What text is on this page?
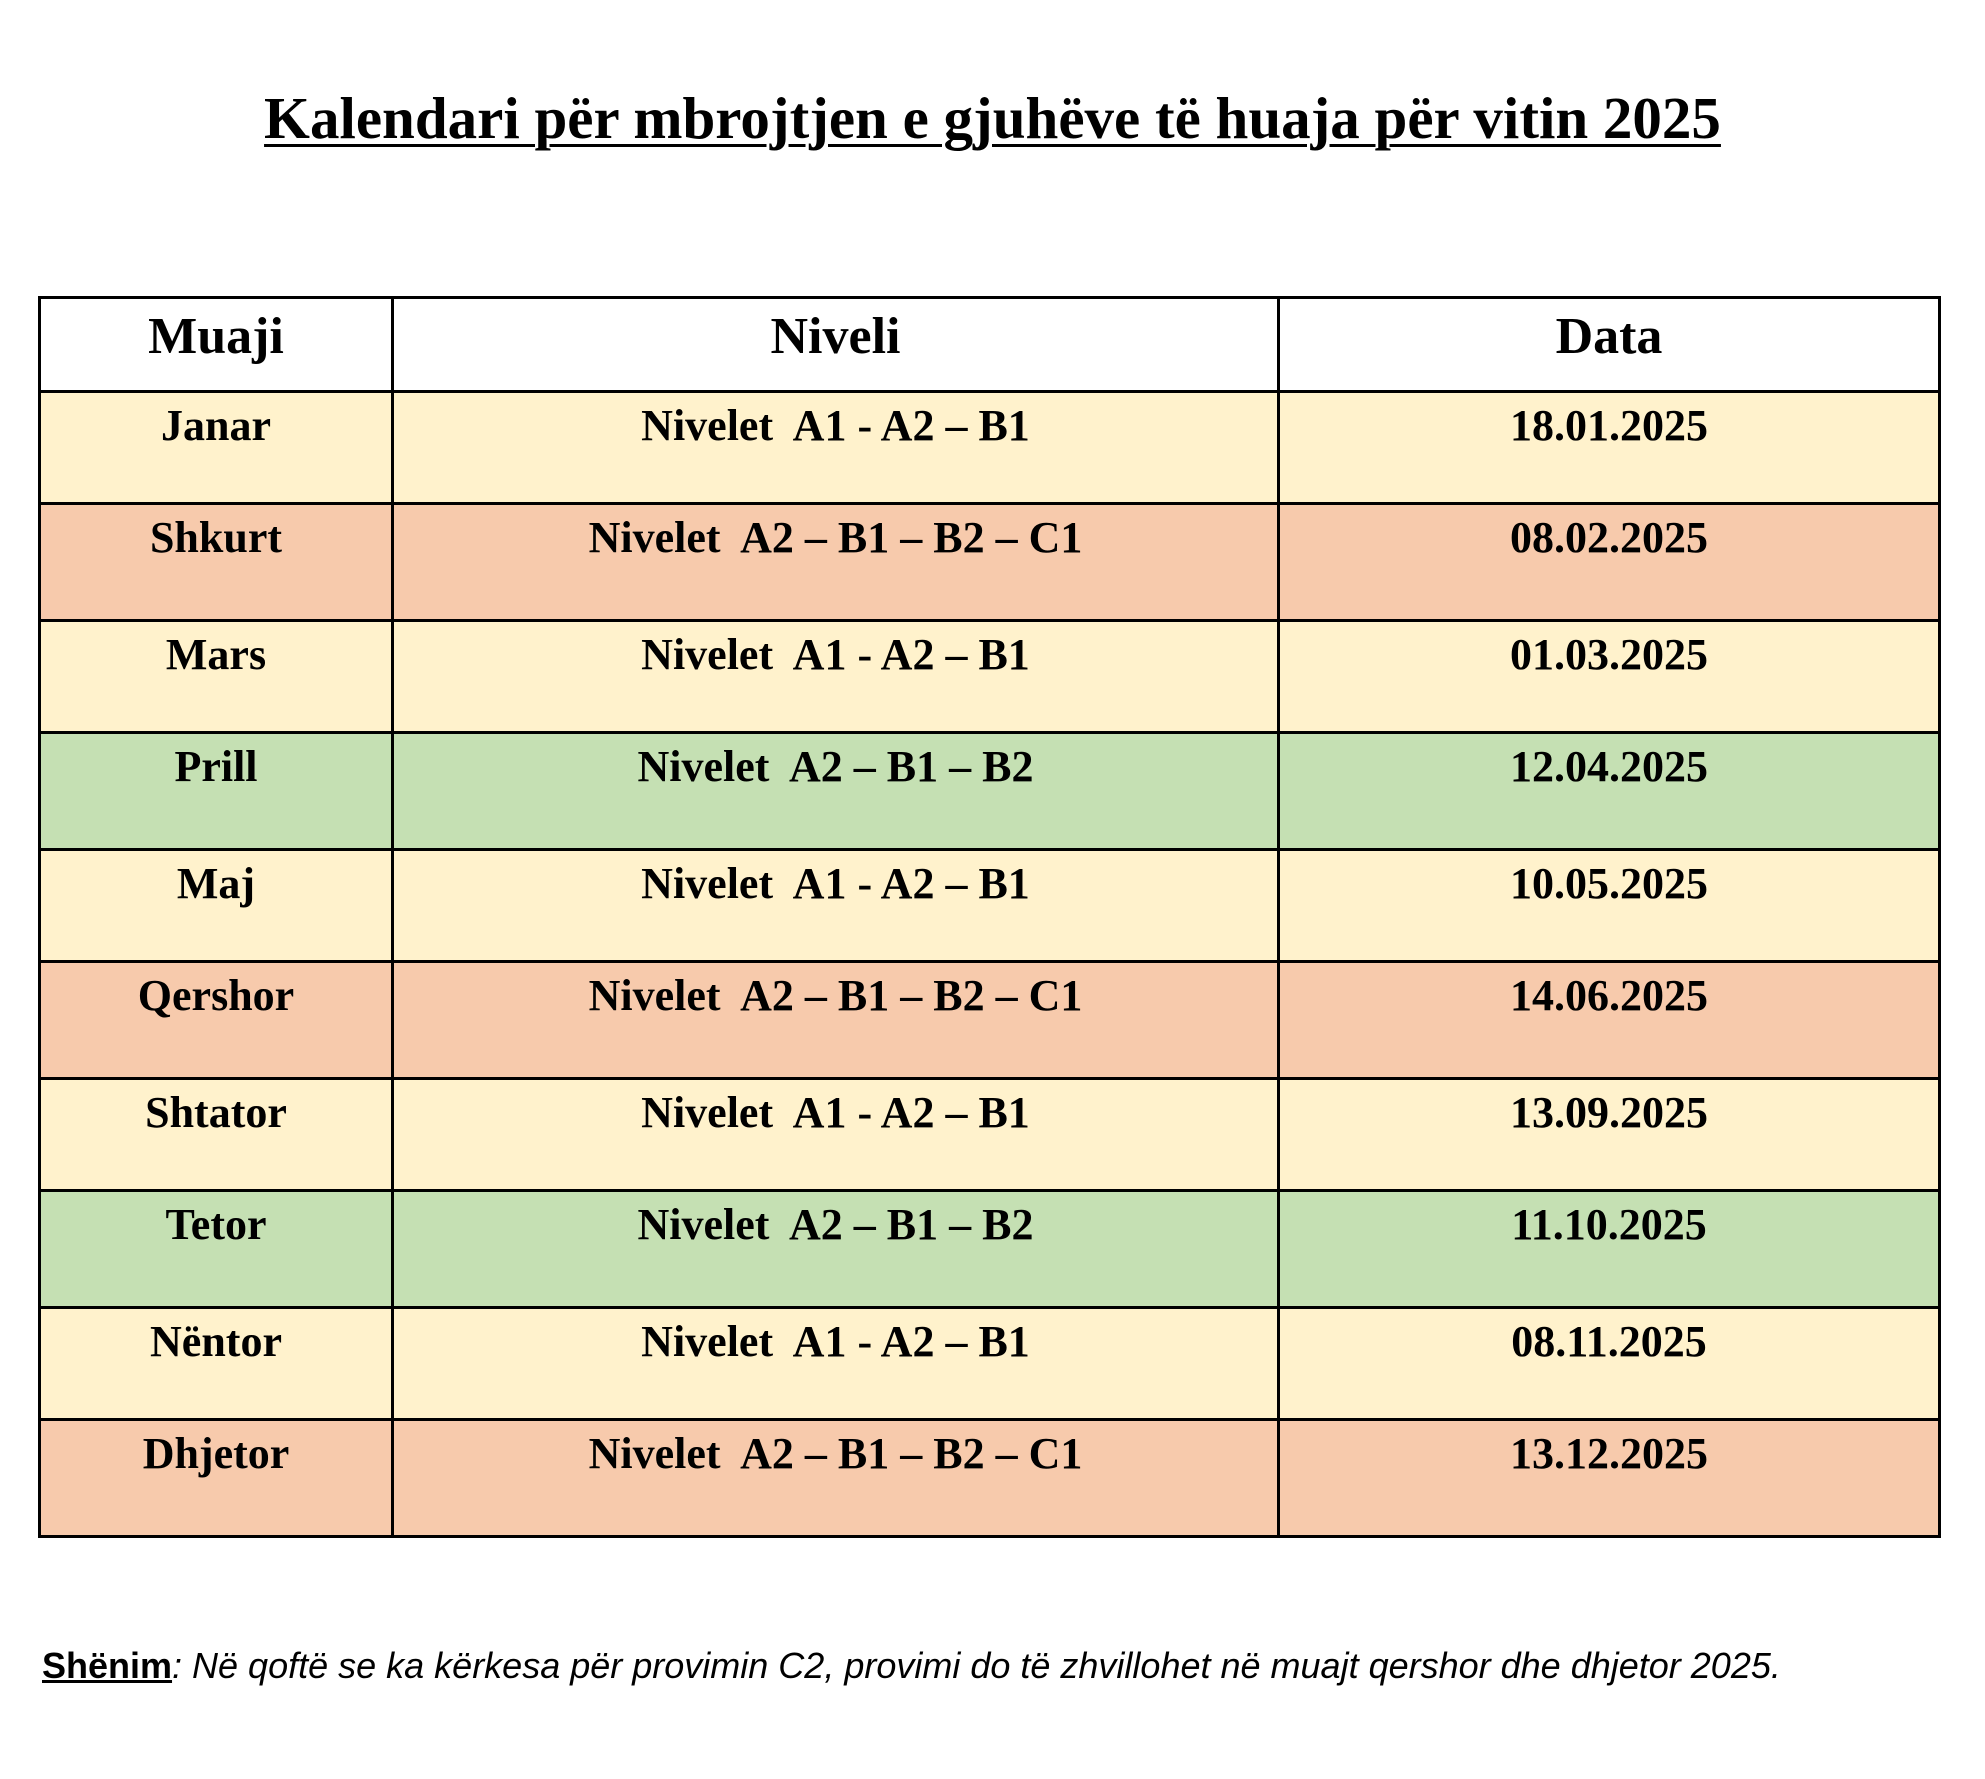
Kalendari për mbrojtjen e gjuhëve të huaja për vitin 2025
Muaji	Niveli	Data
Janar	Nivelet  A1 - A2 – B1	18.01.2025
Shkurt	Nivelet  A2 – B1 – B2 – C1	08.02.2025
Mars	Nivelet  A1 - A2 – B1	01.03.2025
Prill	Nivelet  A2 – B1 – B2	12.04.2025
Maj	Nivelet  A1 - A2 – B1	10.05.2025
Qershor	Nivelet  A2 – B1 – B2 – C1	14.06.2025
Shtator	Nivelet  A1 - A2 – B1	13.09.2025
Tetor	Nivelet  A2 – B1 – B2	11.10.2025
Nëntor	Nivelet  A1 - A2 – B1	08.11.2025
Dhjetor	Nivelet  A2 – B1 – B2 – C1	13.12.2025

Shënim: Në qoftë se ka kërkesa për provimin C2, provimi do të zhvillohet në muajt qershor dhe dhjetor 2025.
